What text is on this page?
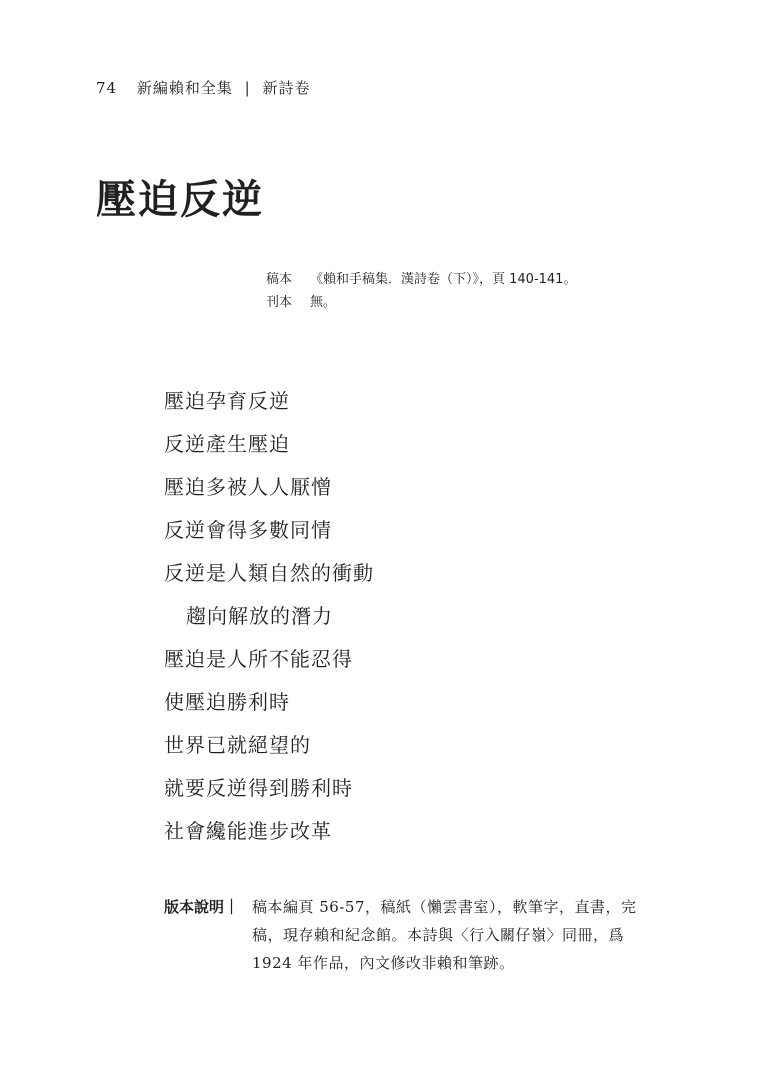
74 新編賴和全集 | 新詩卷
壓迫反逆
稿本 《賴和手稿集．漢詩卷（下）》，頁 140-141。
刊本 無。
壓迫孕育反逆
反逆產生壓迫
壓迫多被人人厭憎
反逆會得多數同情
反逆是人類自然的衝動
趨向解放的潛力
壓迫是人所不能忍得
使壓迫勝利時
世界已就絕望的
就要反逆得到勝利時
社會纔能進步改革
版本說明｜ 稿本編頁 56-57，稿紙（懶雲書室），軟筆字，直書，完稿，現存賴和紀念館。本詩與〈行入關仔嶺〉同冊，爲 1924 年作品，內文修改非賴和筆跡。
